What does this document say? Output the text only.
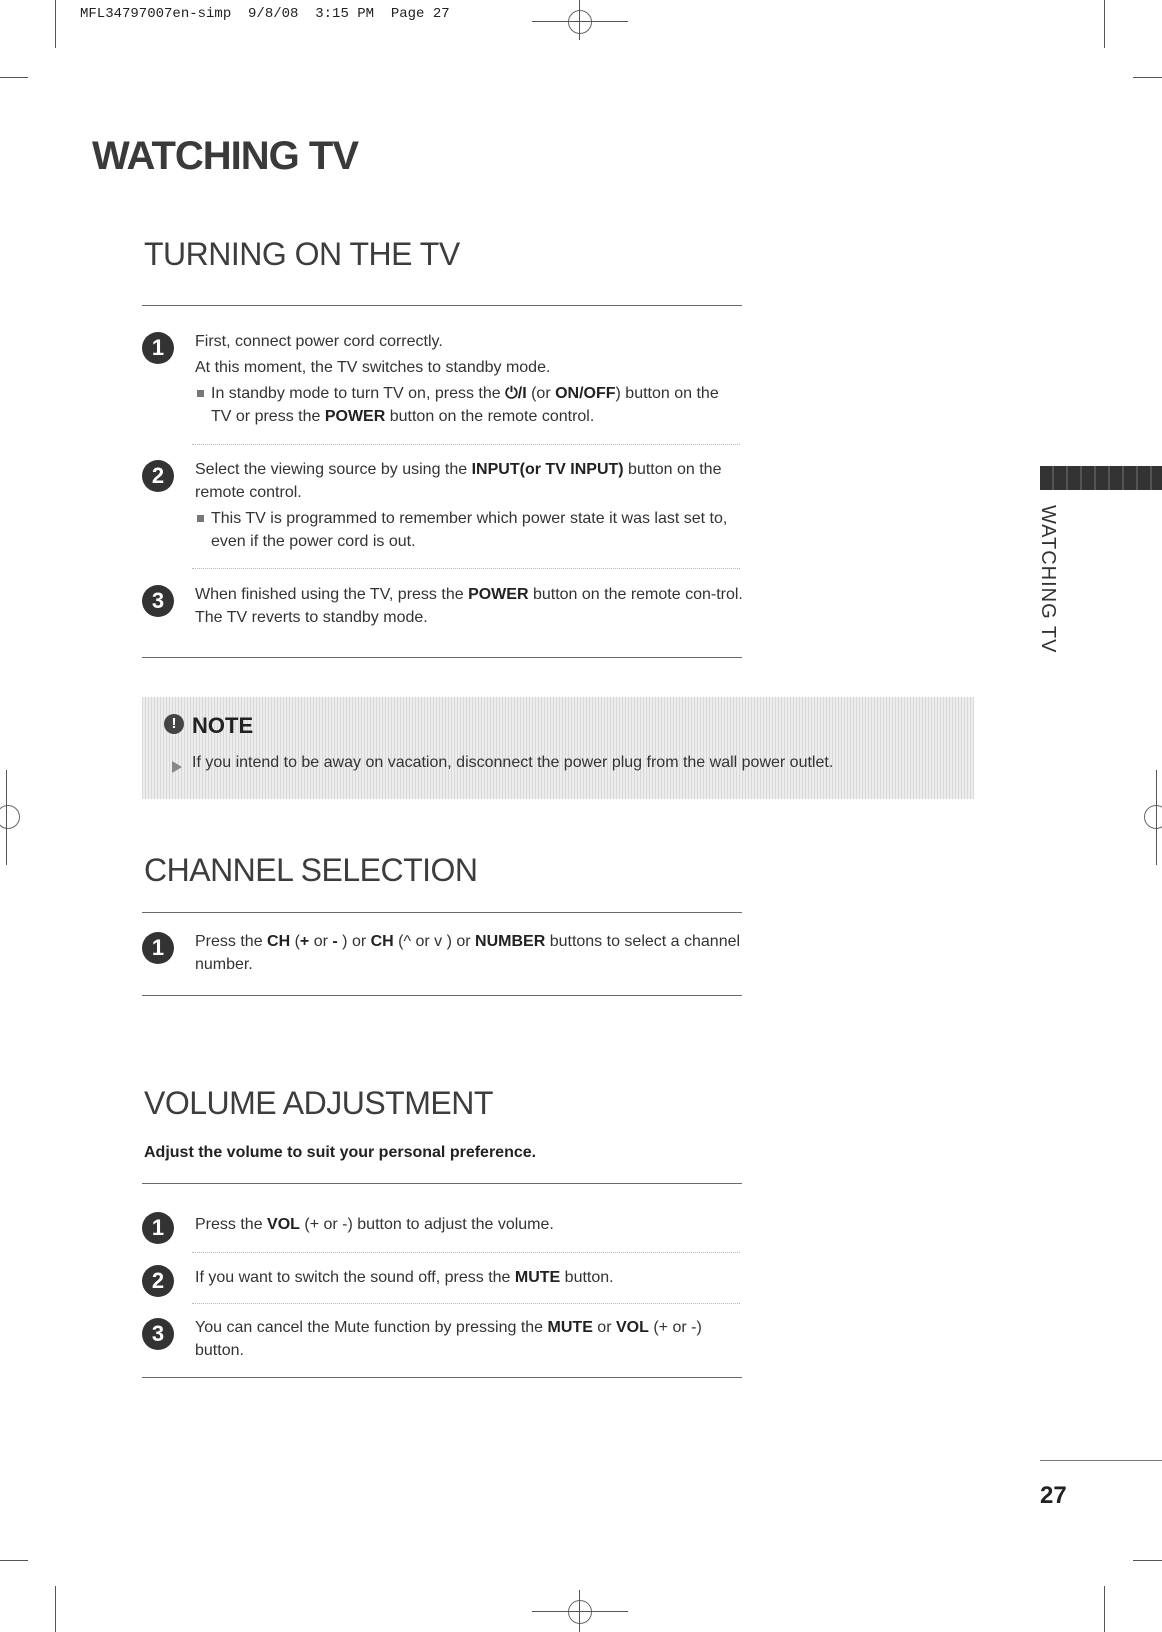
MFL34797007en-simp  9/8/08  3:15 PM  Page 27
WATCHING TV
TURNING ON THE TV
1	First, connect power cord correctly.
At this moment, the TV switches to standby mode.
In standby mode to turn TV on, press the ⏻/I (or ON/OFF) button on the TV or press the POWER button on the remote control.
2	Select the viewing source by using the INPUT(or TV INPUT) button on the remote control.
This TV is programmed to remember which power state it was last set to, even if the power cord is out.
3	When finished using the TV, press the POWER button on the remote con-trol. The TV reverts to standby mode.
! NOTE
If you intend to be away on vacation, disconnect the power plug from the wall power outlet.
CHANNEL SELECTION
1	Press the CH (+ or - ) or CH (^ or v ) or NUMBER buttons to select a channel number.
VOLUME ADJUSTMENT
Adjust the volume to suit your personal preference.
1	Press the VOL (+ or -) button to adjust the volume.
2	If you want to switch the sound off, press the MUTE button.
3	You can cancel the Mute function by pressing the MUTE or VOL (+ or -) button.
WATCHING TV
27
